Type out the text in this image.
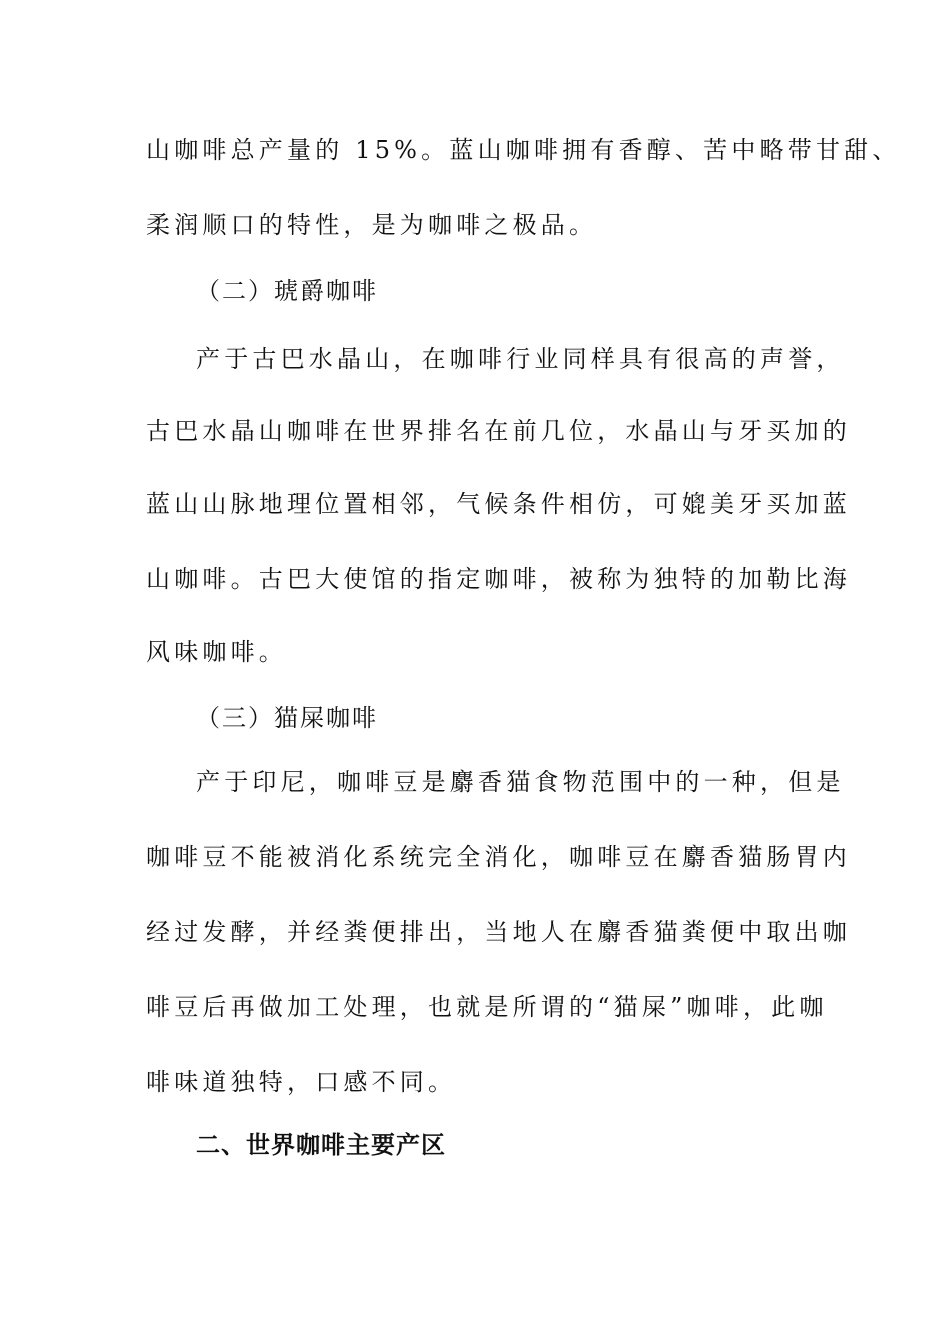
山咖啡总产量的 15%。蓝山咖啡拥有香醇、苦中略带甘甜、
柔润顺口的特性，是为咖啡之极品。
（二）琥爵咖啡
产于古巴水晶山，在咖啡行业同样具有很高的声誉，
古巴水晶山咖啡在世界排名在前几位，水晶山与牙买加的
蓝山山脉地理位置相邻，气候条件相仿，可媲美牙买加蓝
山咖啡。古巴大使馆的指定咖啡，被称为独特的加勒比海
风味咖啡。
（三）猫屎咖啡
产于印尼，咖啡豆是麝香猫食物范围中的一种，但是
咖啡豆不能被消化系统完全消化，咖啡豆在麝香猫肠胃内
经过发酵，并经粪便排出，当地人在麝香猫粪便中取出咖
啡豆后再做加工处理，也就是所谓的“猫屎”咖啡，此咖
啡味道独特，口感不同。
二、世界咖啡主要产区
